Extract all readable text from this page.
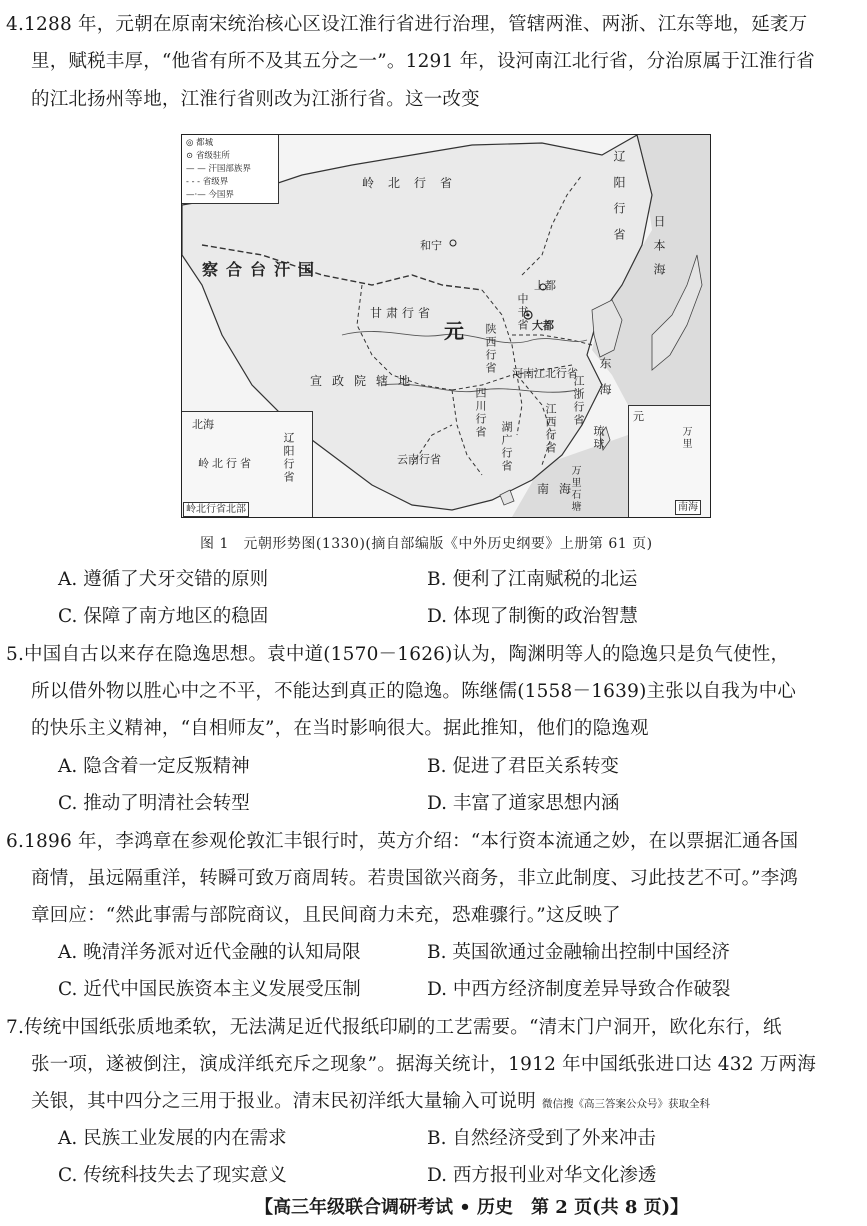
4.1288 年，元朝在原南宋统治核心区设江淮行省进行治理，管辖两淮、两浙、江东等地，延袤万
里，赋税丰厚，“他省有所不及其五分之一”。1291 年，设河南江北行省，分治原属于江淮行省
的江北扬州等地，江淮行省则改为江浙行省。这一改变
◎ 都城
⊙ 省级驻所
— — 汗国部族界
- - - 省级界
—·— 今国界
岭北行省	辽阳行省
和宁
察合台汗国
上都
大都
中书省
甘肃行省
元 陕西行省 河南江北行省
宣政院辖地
四川行省	江浙行省
江西行省
湖广行省
云南行省
东海
南海
日本海
琉球
万里石塘
北海
岭北行省	辽阳行省
岭北行省北部
元
万里
南海
图 1　元朝形势图(1330)(摘自部编版《中外历史纲要》上册第 61 页)
A. 遵循了犬牙交错的原则	B. 便利了江南赋税的北运
C. 保障了南方地区的稳固	D. 体现了制衡的政治智慧
5.中国自古以来存在隐逸思想。袁中道(1570－1626)认为，陶渊明等人的隐逸只是负气使性，
所以借外物以胜心中之不平，不能达到真正的隐逸。陈继儒(1558－1639)主张以自我为中心
的快乐主义精神，“自相师友”，在当时影响很大。据此推知，他们的隐逸观
A. 隐含着一定反叛精神	B. 促进了君臣关系转变
C. 推动了明清社会转型	D. 丰富了道家思想内涵
6.1896 年，李鸿章在参观伦敦汇丰银行时，英方介绍：“本行资本流通之妙，在以票据汇通各国
商情，虽远隔重洋，转瞬可致万商周转。若贵国欲兴商务，非立此制度、习此技艺不可。”李鸿
章回应：“然此事需与部院商议，且民间商力未充，恐难骤行。”这反映了
A. 晚清洋务派对近代金融的认知局限	B. 英国欲通过金融输出控制中国经济
C. 近代中国民族资本主义发展受压制	D. 中西方经济制度差异导致合作破裂
7.传统中国纸张质地柔软，无法满足近代报纸印刷的工艺需要。“清末门户洞开，欧化东行，纸
张一项，遂被倒注，演成洋纸充斥之现象”。据海关统计，1912 年中国纸张进口达 432 万两海
关银，其中四分之三用于报业。清末民初洋纸大量输入可说明 微信搜《高三答案公众号》获取全科
A. 民族工业发展的内在需求	B. 自然经济受到了外来冲击
C. 传统科技失去了现实意义	D. 西方报刊业对华文化渗透
【高三年级联合调研考试 • 历史　第 2 页(共 8 页)】
